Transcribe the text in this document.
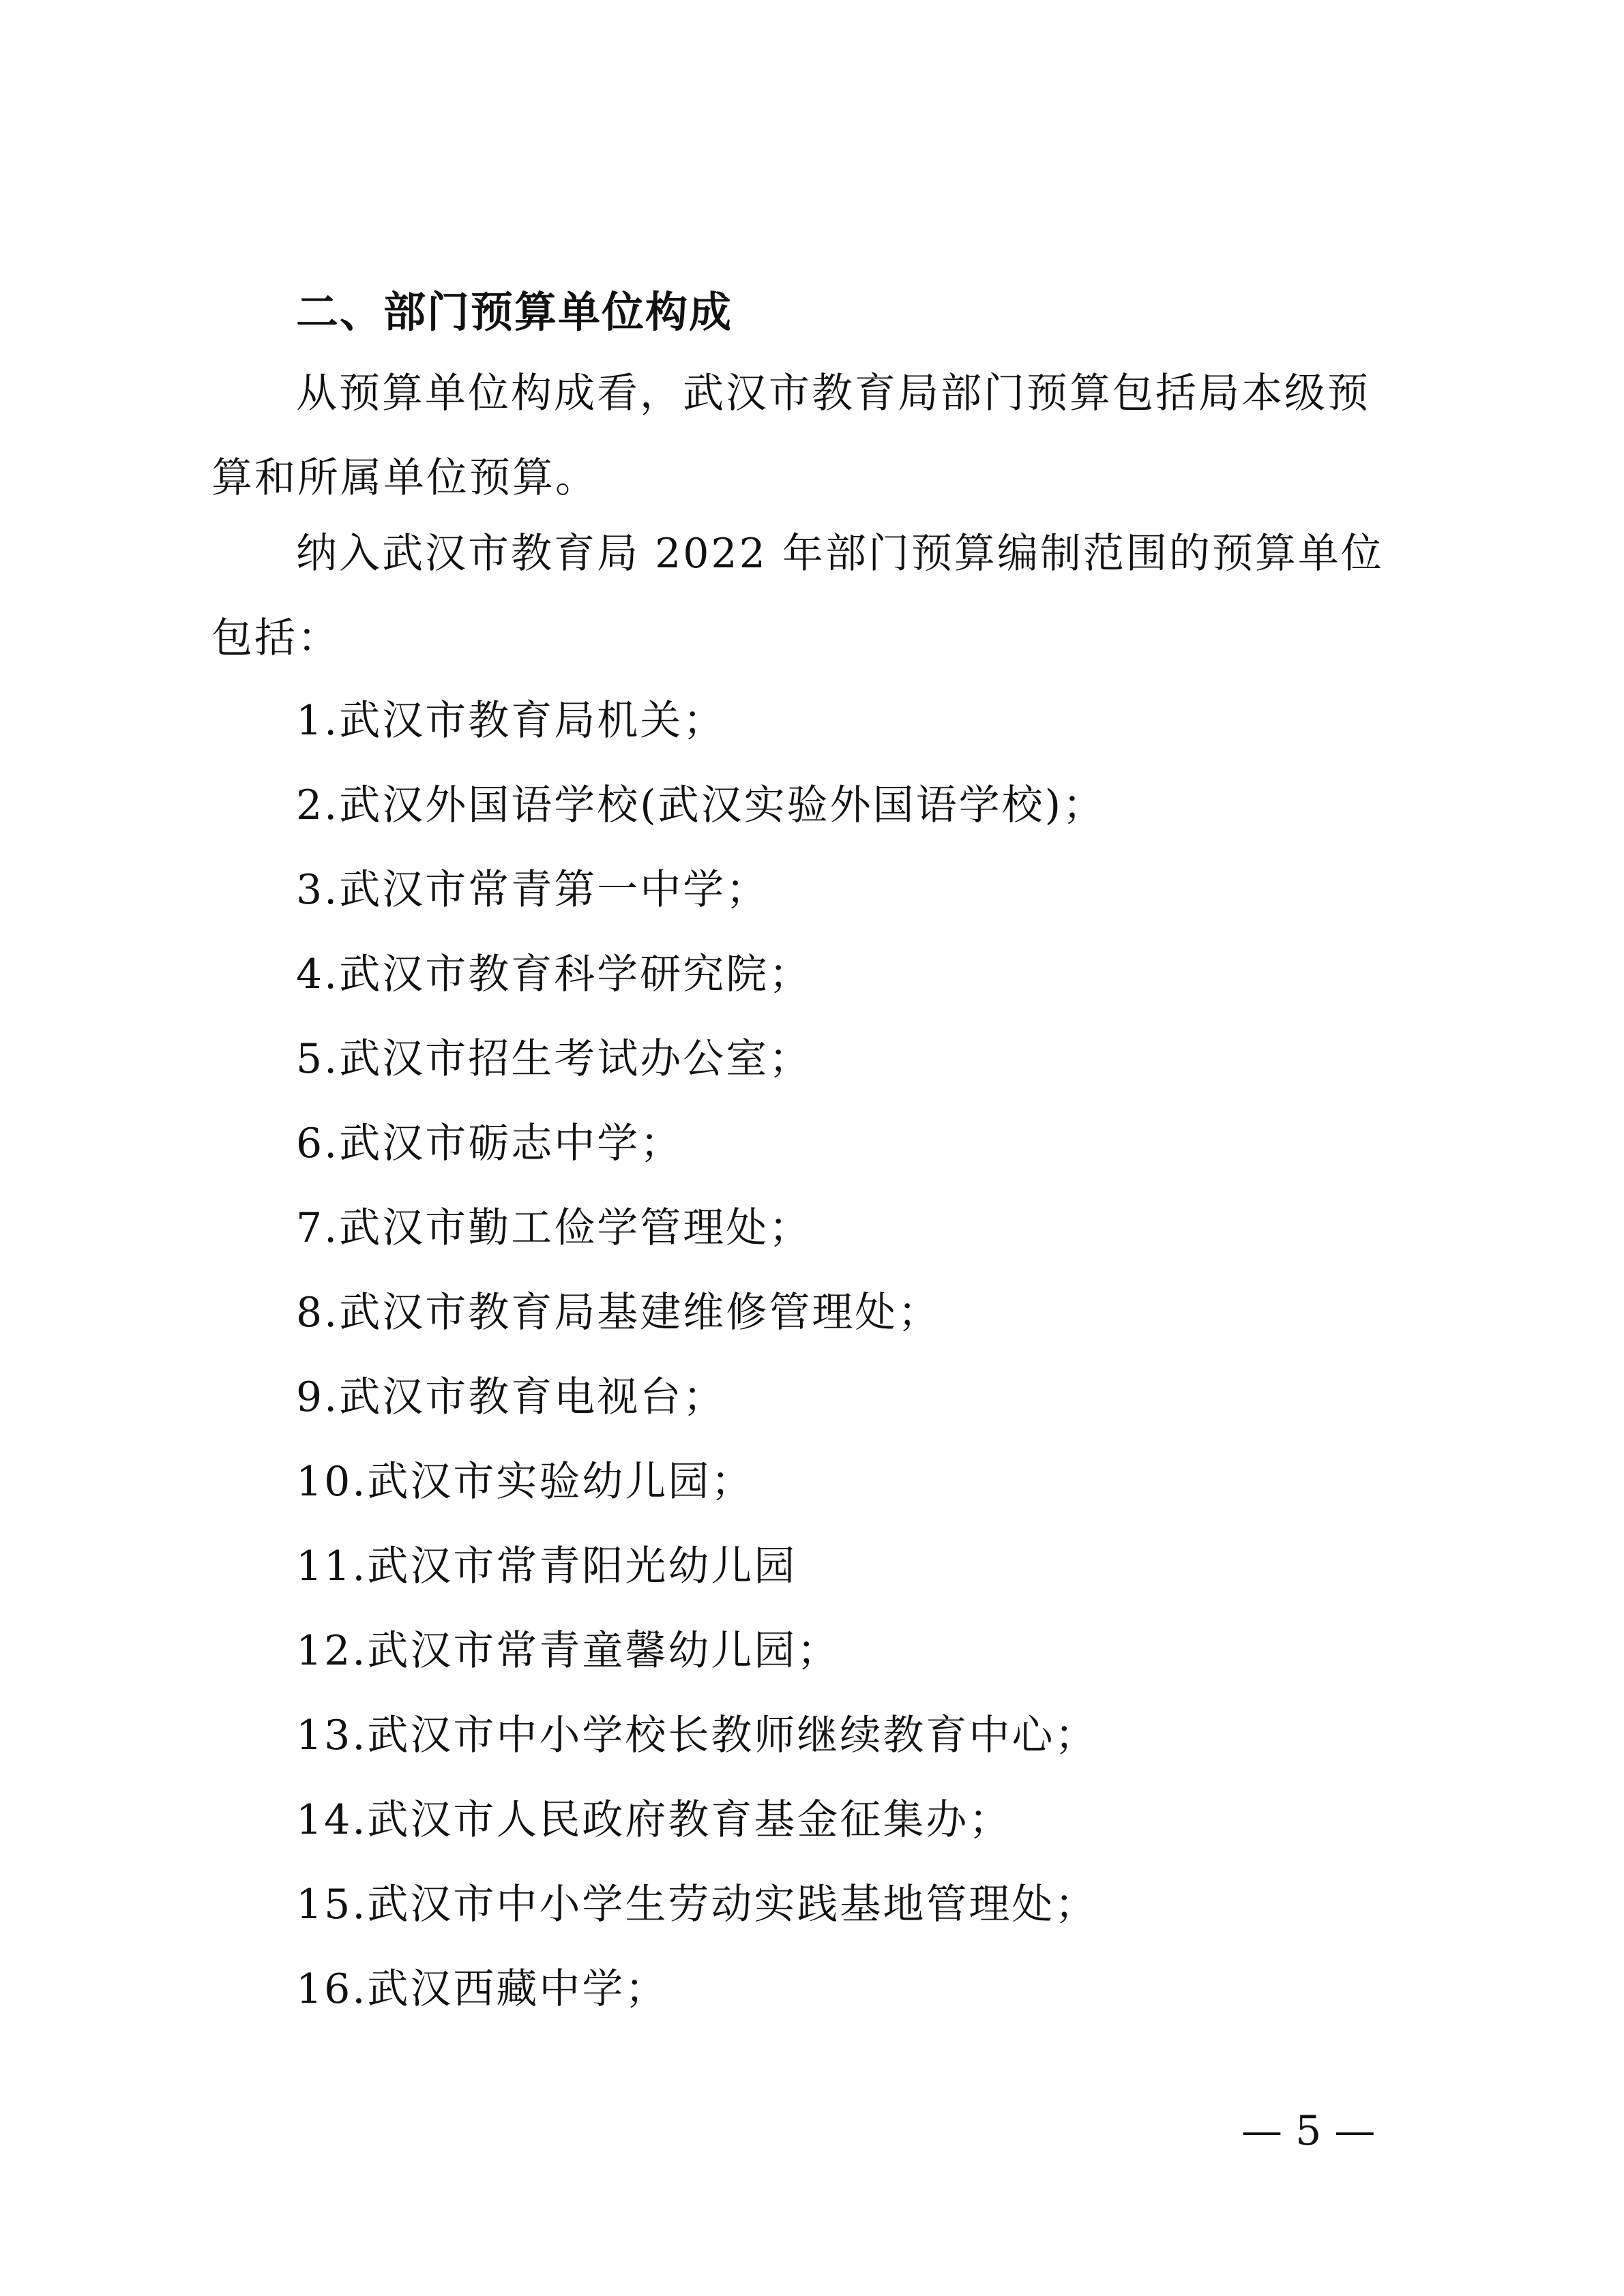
二、部门预算单位构成
从预算单位构成看，武汉市教育局部门预算包括局本级预算和所属单位预算。
纳入武汉市教育局 2022 年部门预算编制范围的预算单位包括：
1.武汉市教育局机关；
2.武汉外国语学校(武汉实验外国语学校)；
3.武汉市常青第一中学；
4.武汉市教育科学研究院；
5.武汉市招生考试办公室；
6.武汉市砺志中学；
7.武汉市勤工俭学管理处；
8.武汉市教育局基建维修管理处；
9.武汉市教育电视台；
10.武汉市实验幼儿园；
11.武汉市常青阳光幼儿园
12.武汉市常青童馨幼儿园；
13.武汉市中小学校长教师继续教育中心；
14.武汉市人民政府教育基金征集办；
15.武汉市中小学生劳动实践基地管理处；
16.武汉西藏中学；
— 5 —
